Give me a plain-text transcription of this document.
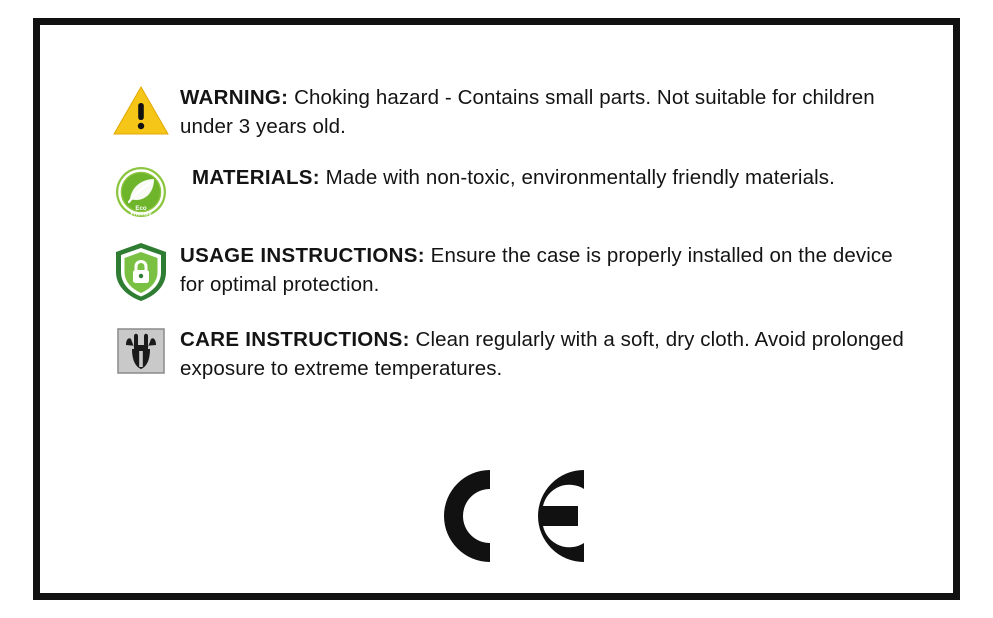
WARNING: Choking hazard - Contains small parts. Not suitable for children under 3 years old.
Eco
Friendly
MATERIALS: Made with non-toxic, environmentally friendly materials.
USAGE INSTRUCTIONS: Ensure the case is properly installed on the device for optimal protection.
CARE INSTRUCTIONS: Clean regularly with a soft, dry cloth. Avoid prolonged exposure to extreme temperatures.
